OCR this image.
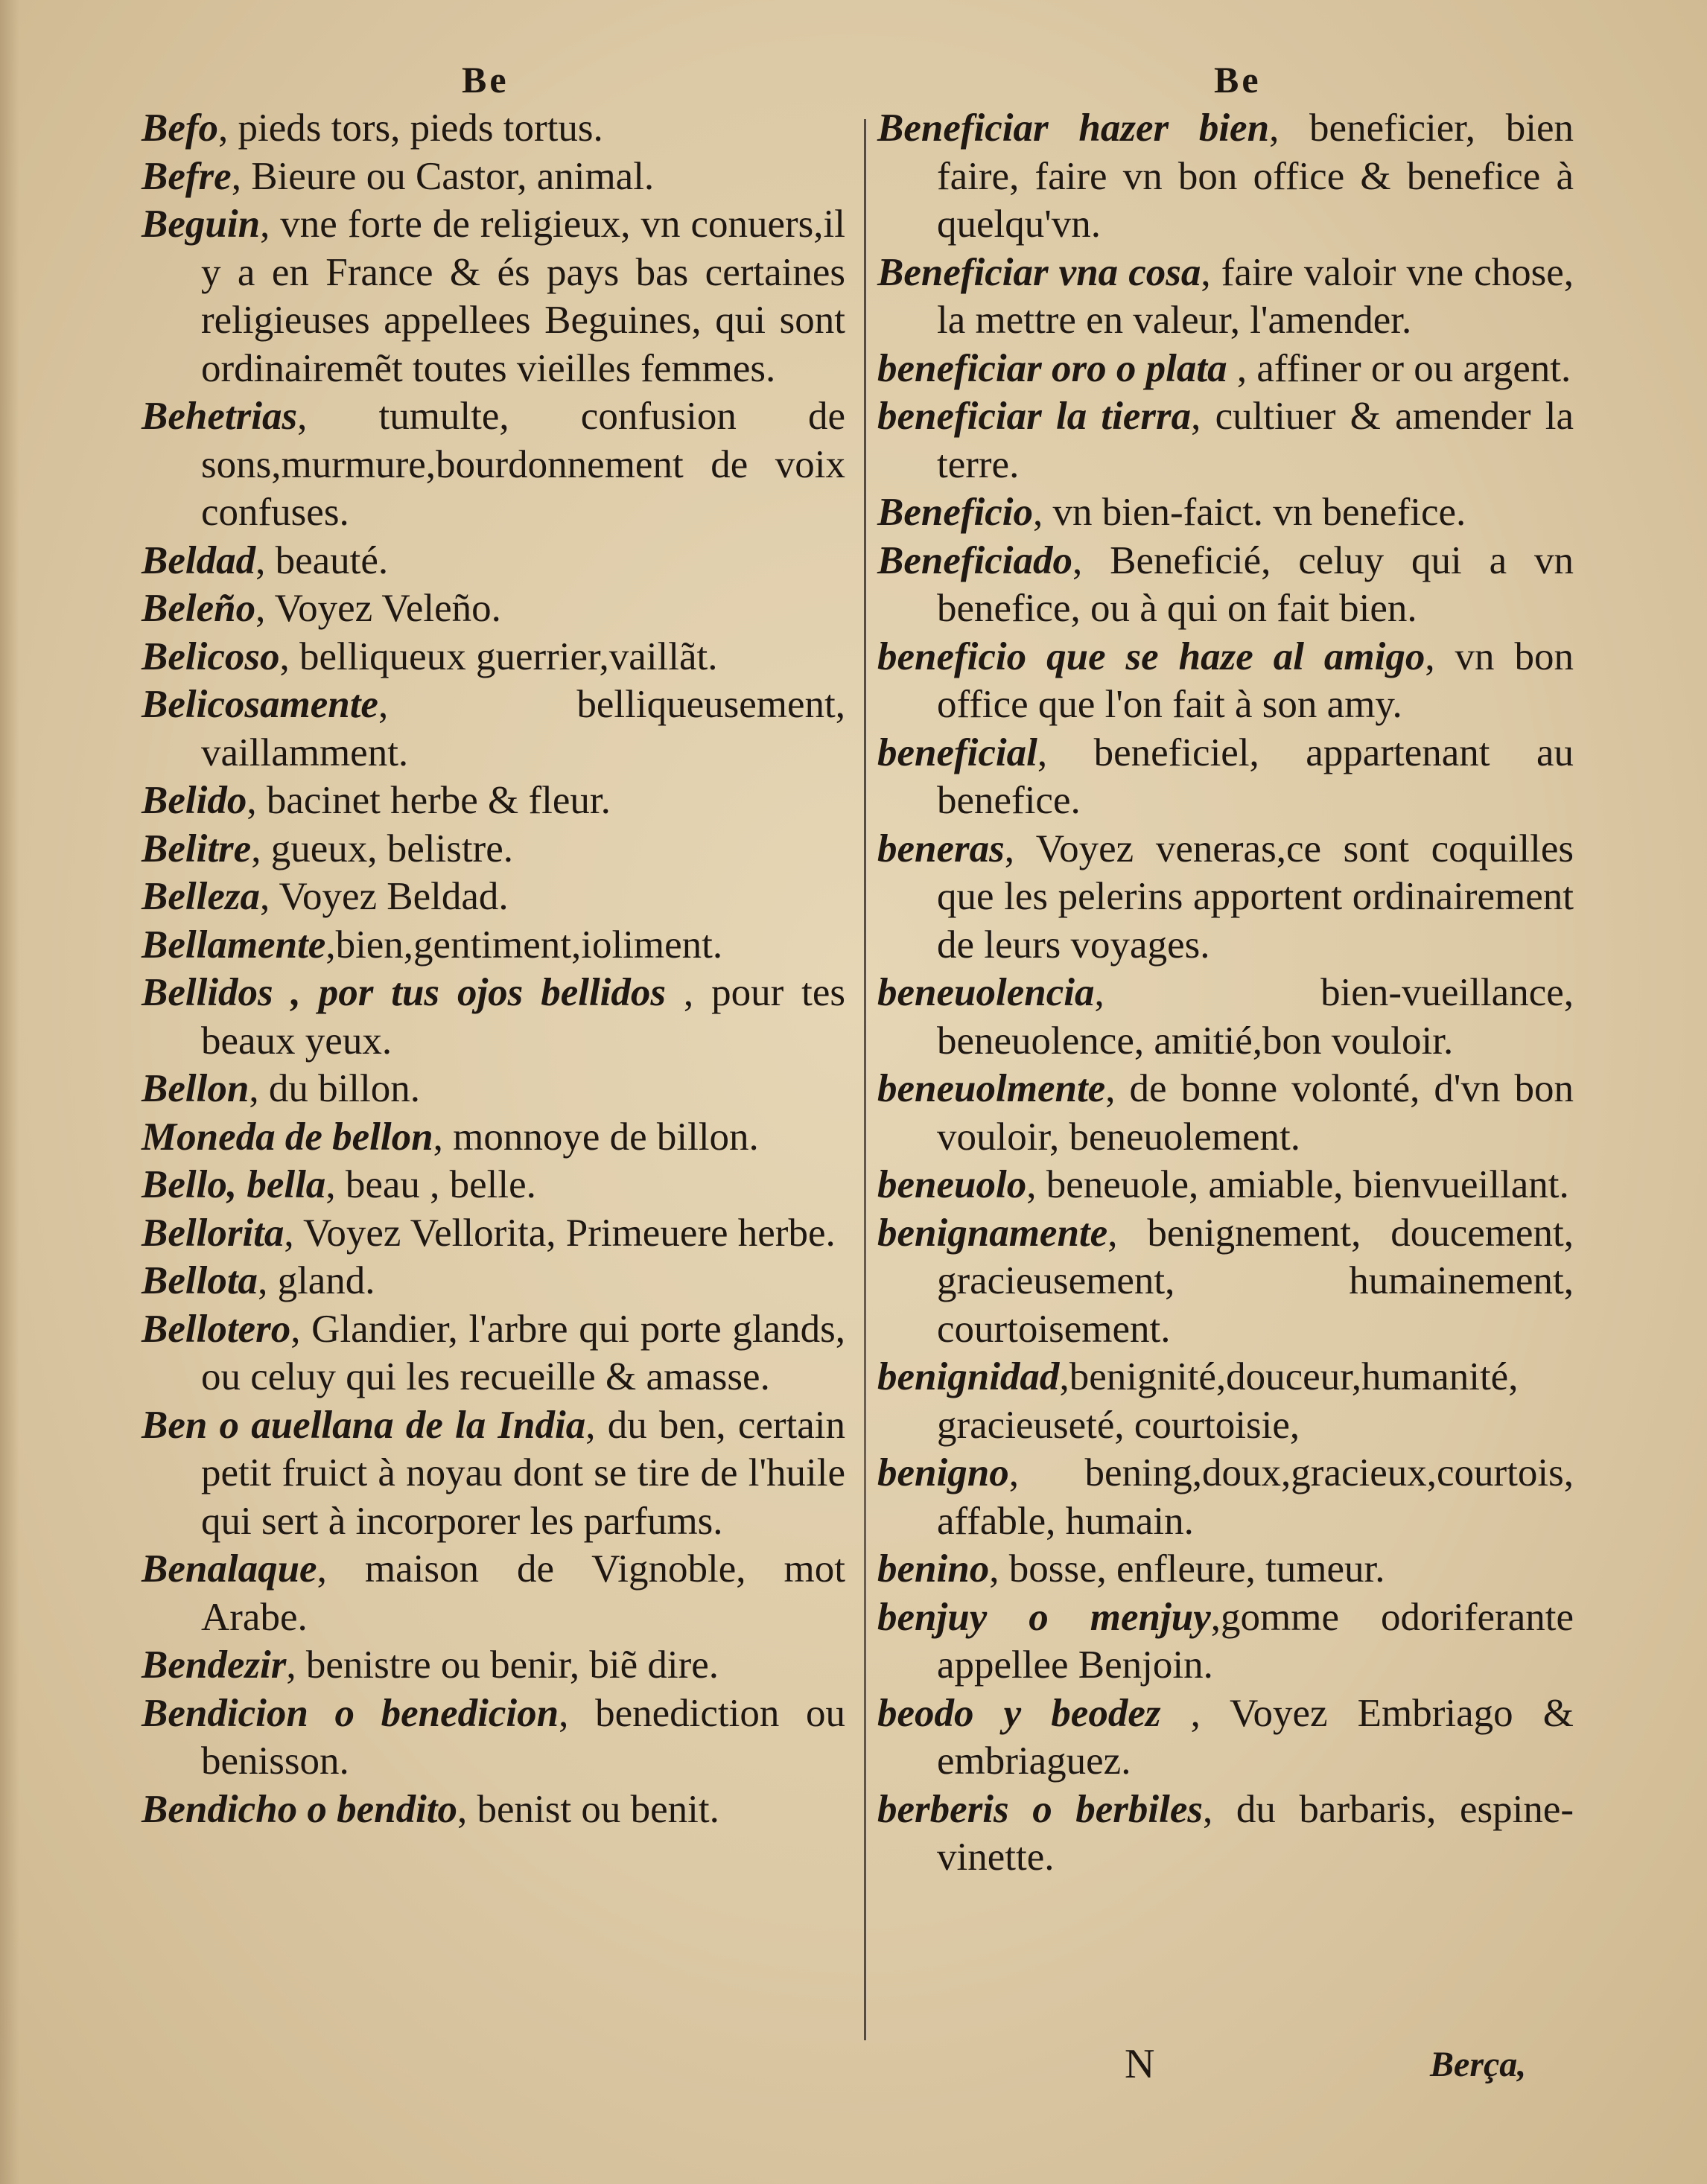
Be	Be
Befo, pieds tors, pieds tortus.
Befre, Bieure ou Castor, animal.
Beguin, vne forte de religieux, vn conuers,il y a en France & és pays bas certaines religieuses appellees Beguines, qui sont ordinairemẽt toutes vieilles femmes.
Behetrias, tumulte, confusion de sons,murmure,bourdonnement de voix confuses.
Beldad, beauté.
Beleño, Voyez Veleño.
Belicoso, belliqueux guerrier,vaillãt.
Belicosamente, belliqueusement, vaillamment.
Belido, bacinet herbe & fleur.
Belitre, gueux, belistre.
Belleza, Voyez Beldad.
Bellamente,bien,gentiment,ioliment.
Bellidos , por tus ojos bellidos , pour tes beaux yeux.
Bellon, du billon.
Moneda de bellon, monnoye de billon.
Bello, bella, beau , belle.
Bellorita, Voyez Vellorita, Primeuere herbe.
Bellota, gland.
Bellotero, Glandier, l'arbre qui porte glands, ou celuy qui les recueille & amasse.
Ben o auellana de la India, du ben, certain petit fruict à noyau dont se tire de l'huile qui sert à incorporer les parfums.
Benalaque, maison de Vignoble, mot Arabe.
Bendezir, benistre ou benir, biẽ dire.
Bendicion o benedicion, benediction ou benisson.
Bendicho o bendito, benist ou benit.
Beneficiar hazer bien, beneficier, bien faire, faire vn bon office & benefice à quelqu'vn.
Beneficiar vna cosa, faire valoir vne chose, la mettre en valeur, l'amender.
beneficiar oro o plata , affiner or ou argent.
beneficiar la tierra, cultiuer & amender la terre.
Beneficio, vn bien-faict. vn benefice.
Beneficiado, Beneficié, celuy qui a vn benefice, ou à qui on fait bien.
beneficio que se haze al amigo, vn bon office que l'on fait à son amy.
beneficial, beneficiel, appartenant au benefice.
beneras, Voyez veneras,ce sont coquilles que les pelerins apportent ordinairement de leurs voyages.
beneuolencia, bien-vueillance, beneuolence, amitié,bon vouloir.
beneuolmente, de bonne volonté, d'vn bon vouloir, beneuolement.
beneuolo, beneuole, amiable, bienvueillant.
benignamente, benignement, doucement, gracieusement, humainement, courtoisement.
benignidad,benignité,douceur,humanité, gracieuseté, courtoisie,
benigno, bening,doux,gracieux,courtois, affable, humain.
benino, bosse, enfleure, tumeur.
benjuy o menjuy,gomme odoriferante appellee Benjoin.
beodo y beodez , Voyez Embriago & embriaguez.
berberis o berbiles, du barbaris, espine-vinette.
N	Berça,
